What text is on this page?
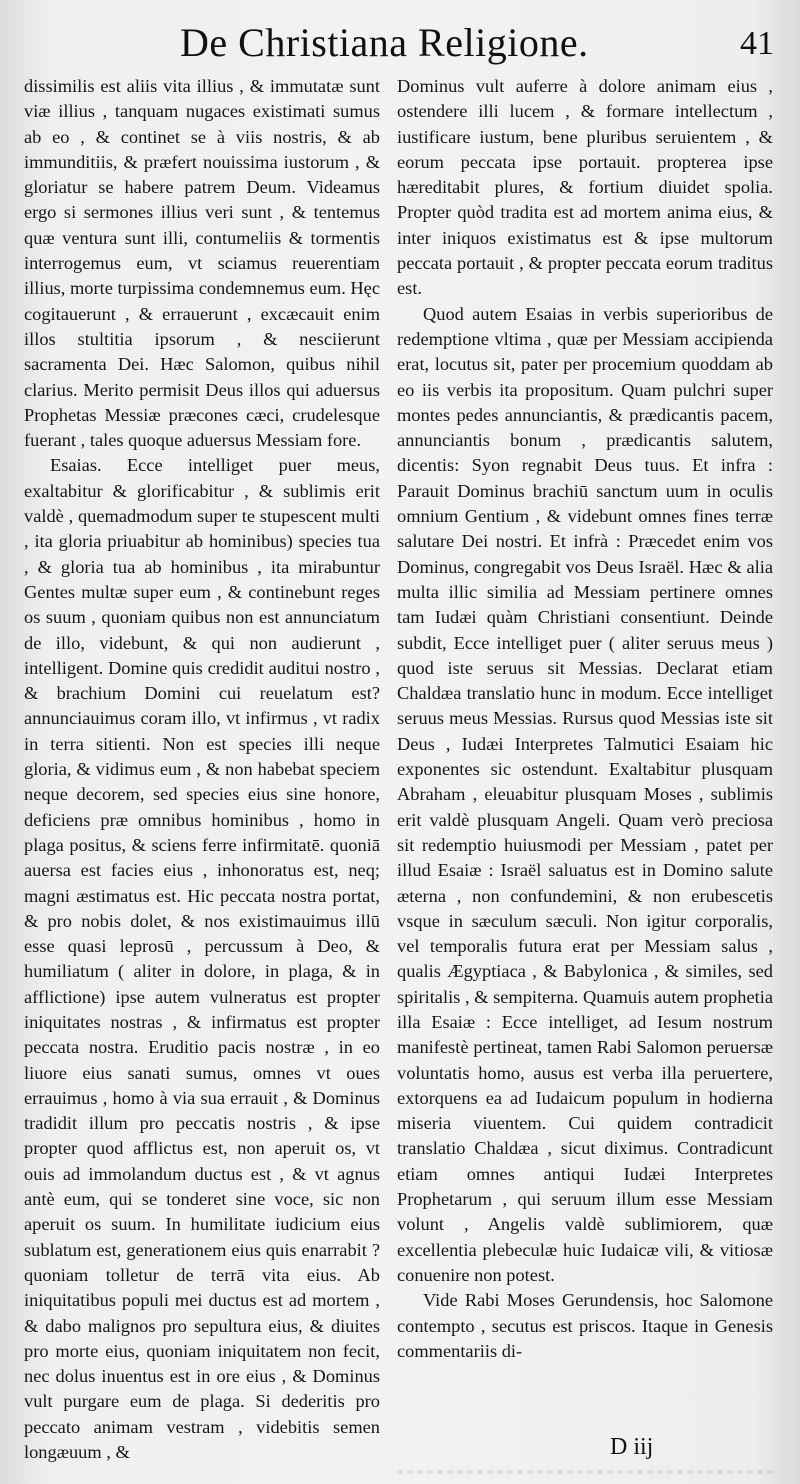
De Christiana Religione.	41

dissimilis est aliis vita illius , & immutatæ sunt viæ illius , tanquam nugaces existimati sumus ab eo , & continet se à viis nostris, & ab immunditiis, & præfert nouissima iustorum , & gloriatur se habere patrem Deum. Videamus ergo si sermones illius veri sunt , & tentemus quæ ventura sunt illi, contumeliis & tormentis interrogemus eum, vt sciamus reuerentiam illius, morte turpissima condemnemus eum. Hęc cogitauerunt , & errauerunt , excæcauit enim illos stultitia ipsorum , & nesciierunt sacramenta Dei. Hæc Salomon, quibus nihil clarius. Merito permisit Deus illos qui aduersus Prophetas Messiæ præcones cæci, crudelesque fuerant , tales quoque aduersus Messiam fore.

Esaias. Ecce intelliget puer meus, exaltabitur & glorificabitur , & sublimis erit valdè , quemadmodum super te stupescent multi , ita gloria priuabitur ab hominibus) species tua , & gloria tua ab hominibus , ita mirabuntur Gentes multæ super eum , & continebunt reges os suum , quoniam quibus non est annunciatum de illo, videbunt, & qui non audierunt , intelligent. Domine quis credidit auditui nostro , & brachium Domini cui reuelatum est? annunciauimus coram illo, vt infirmus , vt radix in terra sitienti. Non est species illi neque gloria, & vidimus eum , & non habebat speciem neque decorem, sed species eius sine honore, deficiens præ omnibus hominibus , homo in plaga positus, & sciens ferre infirmitatē. quoniā auersa est facies eius , inhonoratus est, neq; magni æstimatus est. Hic peccata nostra portat, & pro nobis dolet, & nos existimauimus illū esse quasi leprosū , percussum à Deo, & humiliatum ( aliter in dolore, in plaga, & in afflictione) ipse autem vulneratus est propter iniquitates nostras , & infirmatus est propter peccata nostra. Eruditio pacis nostræ , in eo liuore eius sanati sumus, omnes vt oues errauimus , homo à via sua errauit , & Dominus tradidit illum pro peccatis nostris , & ipse propter quod afflictus est, non aperuit os, vt ouis ad immolandum ductus est , & vt agnus antè eum, qui se tonderet sine voce, sic non aperuit os suum. In humilitate iudicium eius sublatum est, generationem eius quis enarrabit ? quoniam tolletur de terrā vita eius. Ab iniquitatibus populi mei ductus est ad mortem , & dabo malignos pro sepultura eius, & diuites pro morte eius, quoniam iniquitatem non fecit, nec dolus inuentus est in ore eius , & Dominus vult purgare eum de plaga. Si dederitis pro peccato animam vestram , videbitis semen longæuum , &

Dominus vult auferre à dolore animam eius , ostendere illi lucem , & formare intellectum , iustificare iustum, bene pluribus seruientem , & eorum peccata ipse portauit. propterea ipse hæreditabit plures, & fortium diuidet spolia. Propter quòd tradita est ad mortem anima eius, & inter iniquos existimatus est & ipse multorum peccata portauit , & propter peccata eorum traditus est.

Quod autem Esaias in verbis superioribus de redemptione vltima , quæ per Messiam accipienda erat, locutus sit, pater per procemium quoddam ab eo iis verbis ita propositum. Quam pulchri super montes pedes annunciantis, & prædicantis pacem, annunciantis bonum , prædicantis salutem, dicentis: Syon regnabit Deus tuus. Et infra : Parauit Dominus brachiū sanctum uum in oculis omnium Gentium , & videbunt omnes fines terræ salutare Dei nostri. Et infrà : Præcedet enim vos Dominus, congregabit vos Deus Israël. Hæc & alia multa illic similia ad Messiam pertinere omnes tam Iudæi quàm Christiani consentiunt. Deinde subdit, Ecce intelliget puer ( aliter seruus meus ) quod iste seruus sit Messias. Declarat etiam Chaldæa translatio hunc in modum. Ecce intelliget seruus meus Messias. Rursus quod Messias iste sit Deus , Iudæi Interpretes Talmutici Esaiam hic exponentes sic ostendunt. Exaltabitur plusquam Abraham , eleuabitur plusquam Moses , sublimis erit valdè plusquam Angeli. Quam verò preciosa sit redemptio huiusmodi per Messiam , patet per illud Esaiæ : Israël saluatus est in Domino salute æterna , non confundemini, & non erubescetis vsque in sæculum sæculi. Non igitur corporalis, vel temporalis futura erat per Messiam salus , qualis Ægyptiaca , & Babylonica , & similes, sed spiritalis , & sempiterna. Quamuis autem prophetia illa Esaiæ : Ecce intelliget, ad Iesum nostrum manifestè pertineat, tamen Rabi Salomon peruersæ voluntatis homo, ausus est verba illa peruertere, extorquens ea ad Iudaicum populum in hodierna miseria viuentem. Cui quidem contradicit translatio Chaldæa , sicut diximus. Contradicunt etiam omnes antiqui Iudæi Interpretes Prophetarum , qui seruum illum esse Messiam volunt , Angelis valdè sublimiorem, quæ excellentia plebeculæ huic Iudaicæ vili, & vitiosæ conuenire non potest.

Vide Rabi Moses Gerundensis, hoc Salomone contempto , secutus est priscos. Itaque in Genesis commentariis di-

D iij
